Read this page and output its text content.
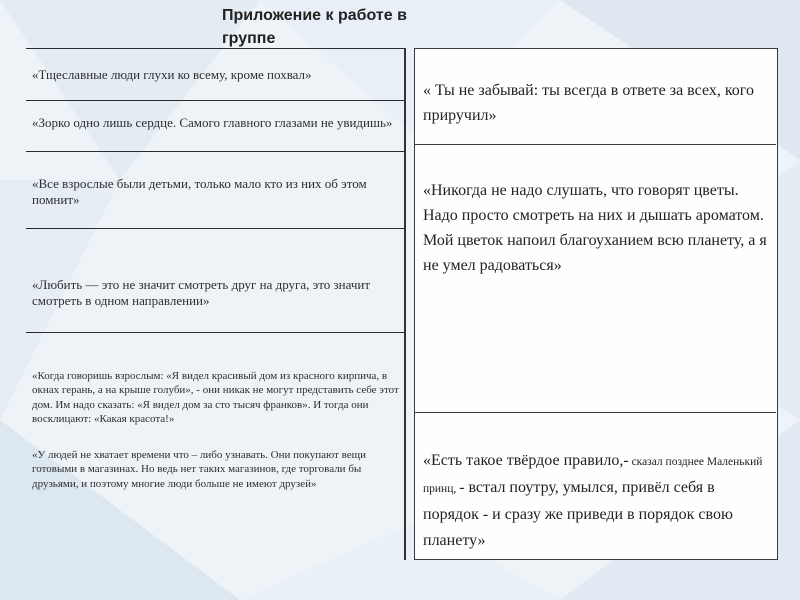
Приложение к работе в группе
«Тщеславные люди глухи ко всему, кроме похвал»
«Зорко одно лишь сердце. Самого главного глазами не увидишь»
«Все взрослые были детьми, только мало кто из них об этом помнит»
«Любить — это не значит смотреть друг на друга, это значит смотреть в одном направлении»

«Когда говоришь взрослым: «Я видел красивый дом из красного кирпича, в окнах герань, а на крыше голуби», - они никак не могут представить себе этот дом. Им надо сказать: «Я видел дом за сто тысяч франков». И тогда они восклицают: «Какая красота!»

«У людей не хватает времени что – либо узнавать. Они покупают вещи готовыми в магазинах. Но ведь нет таких магазинов, где торговали бы друзьями, и поэтому многие люди больше не имеют друзей»

« Ты не забывай: ты всегда в ответе за всех, кого приручил»
«Никогда не надо слушать, что говорят цветы. Надо просто смотреть на них и дышать ароматом. Мой цветок напоил благоуханием всю планету, а я не умел радоваться»
«Есть такое твёрдое правило,- сказал позднее Маленький принц, - встал поутру, умылся, привёл себя в порядок - и сразу же приведи в порядок свою планету»
